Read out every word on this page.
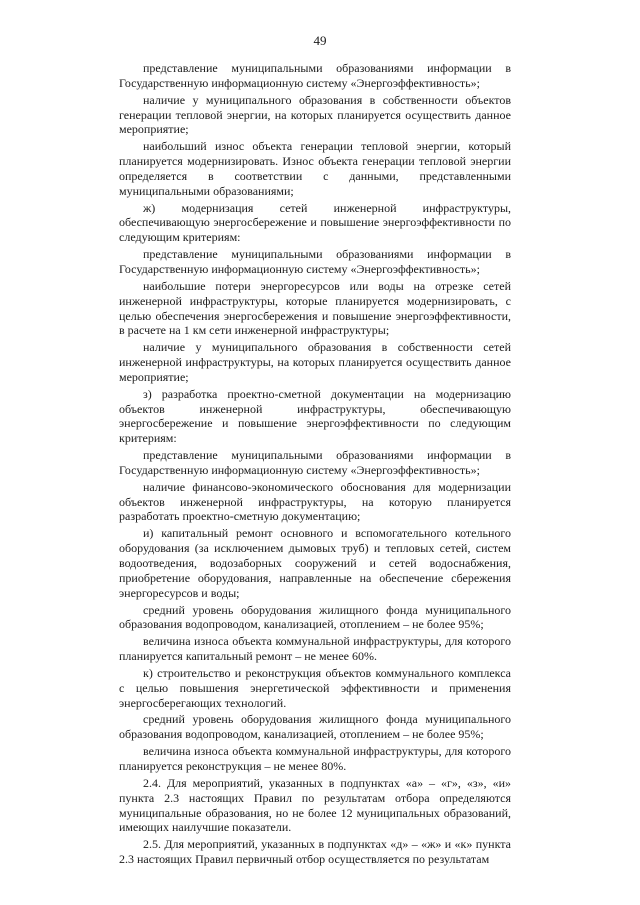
49

представление муниципальными образованиями информации в Государственную информационную систему «Энергоэффективность»;

наличие у муниципального образования в собственности объектов генерации тепловой энергии, на которых планируется осуществить данное мероприятие;

наибольший износ объекта генерации тепловой энергии, который планируется модернизировать. Износ объекта генерации тепловой энергии определяется в соответствии с данными, представленными муниципальными образованиями;

ж) модернизация сетей инженерной инфраструктуры, обеспечивающую энергосбережение и повышение энергоэффективности по следующим критериям:

представление муниципальными образованиями информации в Государственную информационную систему «Энергоэффективность»;

наибольшие потери энергоресурсов или воды на отрезке сетей инженерной инфраструктуры, которые планируется модернизировать, с целью обеспечения энергосбережения и повышение энергоэффективности, в расчете на 1 км сети инженерной инфраструктуры;

наличие у муниципального образования в собственности сетей инженерной инфраструктуры, на которых планируется осуществить данное мероприятие;

з) разработка проектно-сметной документации на модернизацию объектов инженерной инфраструктуры, обеспечивающую энергосбережение и повышение энергоэффективности по следующим критериям:

представление муниципальными образованиями информации в Государственную информационную систему «Энергоэффективность»;

наличие финансово-экономического обоснования для модернизации объектов инженерной инфраструктуры, на которую планируется разработать проектно-сметную документацию;

и) капитальный ремонт основного и вспомогательного котельного оборудования (за исключением дымовых труб) и тепловых сетей, систем водоотведения, водозаборных сооружений и сетей водоснабжения, приобретение оборудования, направленные на обеспечение сбережения энергоресурсов и воды;

средний уровень оборудования жилищного фонда муниципального образования водопроводом, канализацией, отоплением – не более 95%;

величина износа объекта коммунальной инфраструктуры, для которого планируется капитальный ремонт – не менее 60%.

к) строительство и реконструкция объектов коммунального комплекса с целью повышения энергетической эффективности и применения энергосберегающих технологий.

средний уровень оборудования жилищного фонда муниципального образования водопроводом, канализацией, отоплением – не более 95%;

величина износа объекта коммунальной инфраструктуры, для которого планируется реконструкция – не менее 80%.

2.4. Для мероприятий, указанных в подпунктах «а» – «г», «з», «и» пункта 2.3 настоящих Правил по результатам отбора определяются муниципальные образования, но не более 12 муниципальных образований, имеющих наилучшие показатели.

2.5. Для мероприятий, указанных в подпунктах «д» – «ж» и «к» пункта 2.3 настоящих Правил первичный отбор осуществляется по результатам
